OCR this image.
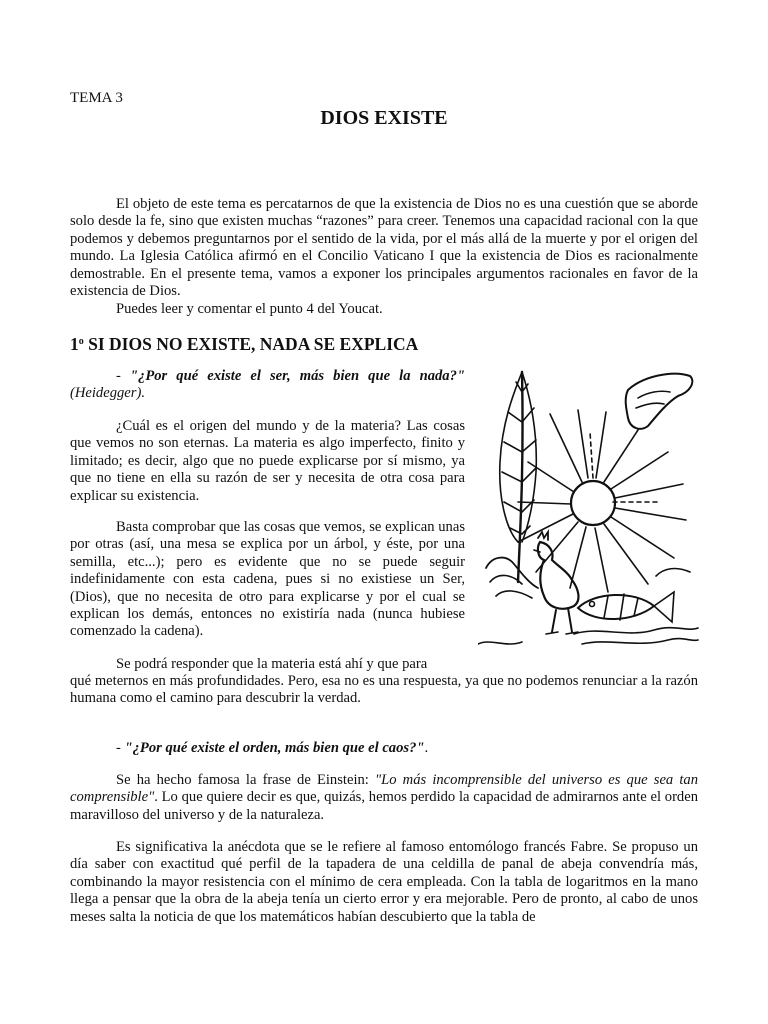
TEMA 3

DIOS EXISTE

El objeto de este tema es percatarnos de que la existencia de Dios no es una cuestión que se aborde solo desde la fe, sino que existen muchas “razones” para creer. Tenemos una capacidad racional con la que podemos y debemos preguntarnos por el sentido de la vida, por el más allá de la muerte y por el origen del mundo. La Iglesia Católica afirmó en el Concilio Vaticano I que la existencia de Dios es racionalmente demostrable. En el presente tema, vamos a exponer los principales argumentos racionales en favor de la existencia de Dios.

Puedes leer y comentar el punto 4 del Youcat.

1$^o$ SI DIOS NO EXISTE, NADA SE EXPLICA

- "¿Por qué existe el ser, más bien que la nada?" (Heidegger).

¿Cuál es el origen del mundo y de la materia? Las cosas que vemos no son eternas. La materia es algo imperfecto, finito y limitado; es decir, algo que no puede explicarse por sí mismo, ya que no tiene en ella su razón de ser y necesita de otra cosa para explicar su existencia.

Basta comprobar que las cosas que vemos, se explican unas por otras (así, una mesa se explica por un árbol, y éste, por una semilla, etc...); pero es evidente que no se puede seguir indefinidamente con esta cadena, pues si no existiese un Ser, (Dios), que no necesita de otro para explicarse y por el cual se explican los demás, entonces no existiría nada (nunca hubiese comenzado la cadena).

Se podrá responder que la materia está ahí y que para

qué meternos en más profundidades. Pero, esa no es una respuesta, ya que no podemos renunciar a la razón humana como el camino para descubrir la verdad.

- "¿Por qué existe el orden, más bien que el caos?".

Se ha hecho famosa la frase de Einstein: "Lo más incomprensible del universo es que sea tan comprensible". Lo que quiere decir es que, quizás, hemos perdido la capacidad de admirarnos ante el orden maravilloso del universo y de la naturaleza.

Es significativa la anécdota que se le refiere al famoso entomólogo francés Fabre. Se propuso un día saber con exactitud qué perfil de la tapadera de una celdilla de panal de abeja convendría más, combinando la mayor resistencia con el mínimo de cera empleada. Con la tabla de logaritmos en la mano llega a pensar que la obra de la abeja tenía un cierto error y era mejorable. Pero de pronto, al cabo de unos meses salta la noticia de que los matemáticos habían descubierto que la tabla de
